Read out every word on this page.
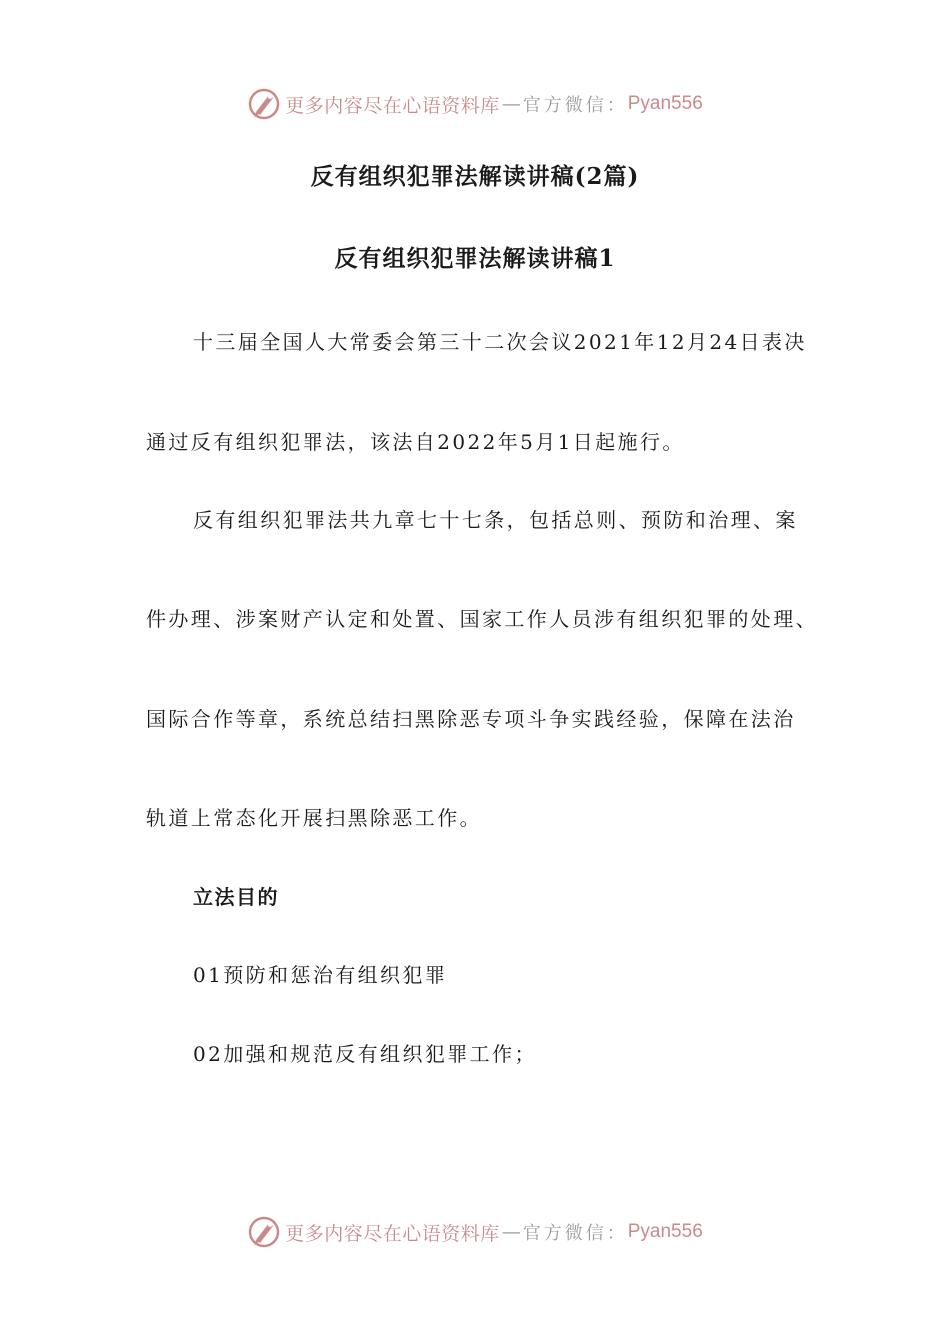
更多内容尽在心语资料库 — 官方微信： Pyan556
反有组织犯罪法解读讲稿(2篇)
反有组织犯罪法解读讲稿1
十三届全国人大常委会第三十二次会议2021年12月24日表决
通过反有组织犯罪法，该法自2022年5月1日起施行。
反有组织犯罪法共九章七十七条，包括总则、预防和治理、案
件办理、涉案财产认定和处置、国家工作人员涉有组织犯罪的处理、
国际合作等章，系统总结扫黑除恶专项斗争实践经验，保障在法治
轨道上常态化开展扫黑除恶工作。
立法目的
01预防和惩治有组织犯罪
02加强和规范反有组织犯罪工作；
更多内容尽在心语资料库 — 官方微信： Pyan556
